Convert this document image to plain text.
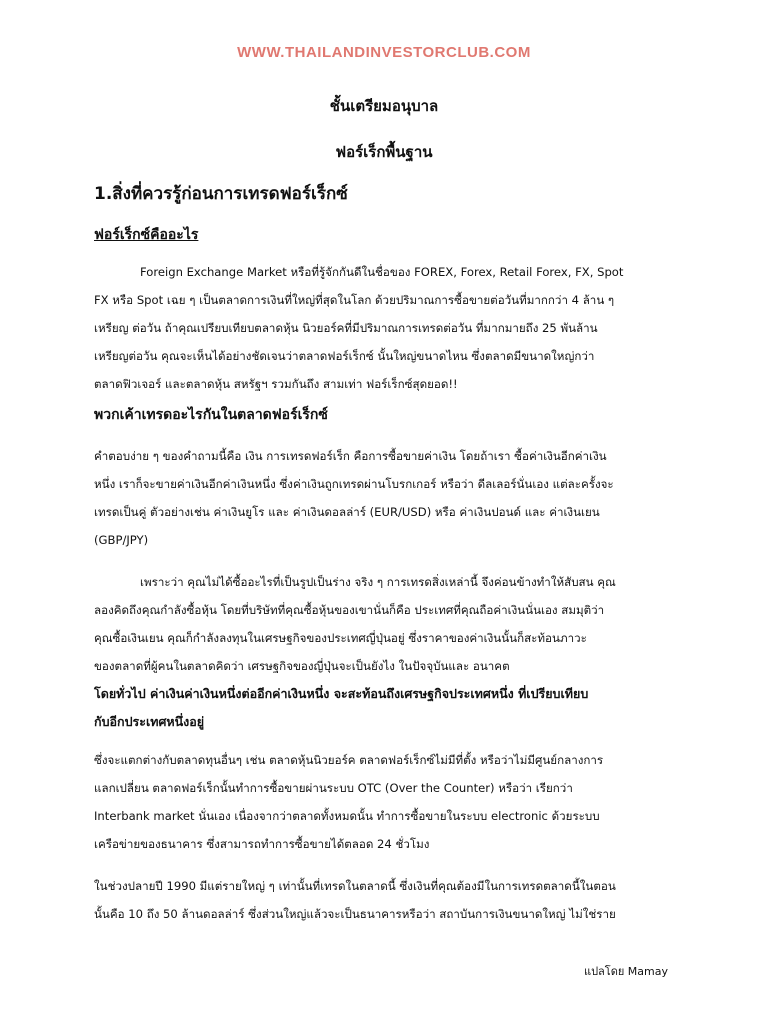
WWW.THAILANDINVESTORCLUB.COM
ชั้นเตรียมอนุบาล
ฟอร์เร็กพื้นฐาน
1.สิ่งที่ควรรู้ก่อนการเทรดฟอร์เร็กซ์
ฟอร์เร็กซ์คืออะไร
Foreign Exchange Market หรือที่รู้จักกันดีในชื่อของ FOREX, Forex, Retail Forex, FX, Spot
FX หรือ Spot เฉย ๆ เป็นตลาดการเงินที่ใหญ่ที่สุดในโลก ด้วยปริมาณการซื้อขายต่อวันที่มากกว่า 4 ล้าน ๆ
เหรียญ ต่อวัน ถ้าคุณเปรียบเทียบตลาดหุ้น นิวยอร์คที่มีปริมาณการเทรดต่อวัน ที่มากมายถึง 25 พันล้าน
เหรียญต่อวัน คุณจะเห็นได้อย่างชัดเจนว่าตลาดฟอร์เร็กซ์ นั้นใหญ่ขนาดไหน ซึ่งตลาดมีขนาดใหญ่กว่า
ตลาดฟิวเจอร์ และตลาดหุ้น สหรัฐฯ รวมกันถึง สามเท่า ฟอร์เร็กซ์สุดยอด!!
พวกเค้าเทรดอะไรกันในตลาดฟอร์เร็กซ์
คำตอบง่าย ๆ ของคำถามนี้คือ เงิน การเทรดฟอร์เร็ก คือการซื้อขายค่าเงิน โดยถ้าเรา ซื้อค่าเงินอีกค่าเงิน
หนึ่ง เราก็จะขายค่าเงินอีกค่าเงินหนึ่ง ซึ่งค่าเงินถูกเทรดผ่านโบรกเกอร์ หรือว่า ดีลเลอร์นั่นเอง แต่ละครั้งจะ
เทรดเป็นคู่ ตัวอย่างเช่น ค่าเงินยูโร และ ค่าเงินดอลล่าร์ (EUR/USD) หรือ ค่าเงินปอนด์ และ ค่าเงินเยน
(GBP/JPY)
เพราะว่า คุณไม่ได้ซื้ออะไรที่เป็นรูปเป็นร่าง จริง ๆ การเทรดสิ่งเหล่านี้ จึงค่อนข้างทำให้สับสน คุณ
ลองคิดถึงคุณกำลังซื้อหุ้น โดยที่บริษัทที่คุณซื้อหุ้นของเขานั่นก็คือ ประเทศที่คุณถือค่าเงินนั่นเอง สมมุติว่า
คุณซื้อเงินเยน คุณก็กำลังลงทุนในเศรษฐกิจของประเทศญี่ปุ่นอยู่ ซึ่งราคาของค่าเงินนั้นก็สะท้อนภาวะ
ของตลาดที่ผู้คนในตลาดคิดว่า เศรษฐกิจของญี่ปุ่นจะเป็นยังไง ในปัจจุบันและ อนาคต
โดยทั่วไป ค่าเงินค่าเงินหนึ่งต่ออีกค่าเงินหนึ่ง จะสะท้อนถึงเศรษฐกิจประเทศหนึ่ง ที่เปรียบเทียบ
กับอีกประเทศหนึ่งอยู่
ซึ่งจะแตกต่างกับตลาดทุนอื่นๆ เช่น ตลาดหุ้นนิวยอร์ค ตลาดฟอร์เร็กซ์ไม่มีที่ตั้ง หรือว่าไม่มีศูนย์กลางการ
แลกเปลี่ยน ตลาดฟอร์เร็กนั้นทำการซื้อขายผ่านระบบ OTC (Over the Counter) หรือว่า เรียกว่า
Interbank market นั่นเอง เนื่องจากว่าตลาดทั้งหมดนั้น ทำการซื้อขายในระบบ electronic ด้วยระบบ
เครือข่ายของธนาคาร ซึ่งสามารถทำการซื้อขายได้ตลอด 24 ชั่วโมง
ในช่วงปลายปี 1990 มีแต่รายใหญ่ ๆ เท่านั้นที่เทรดในตลาดนี้ ซึ่งเงินที่คุณต้องมีในการเทรดตลาดนี้ในตอน
นั้นคือ 10 ถึง 50 ล้านดอลล่าร์ ซึ่งส่วนใหญ่แล้วจะเป็นธนาคารหรือว่า สถาบันการเงินขนาดใหญ่ ไม่ใช่ราย
แปลโดย Mamay
